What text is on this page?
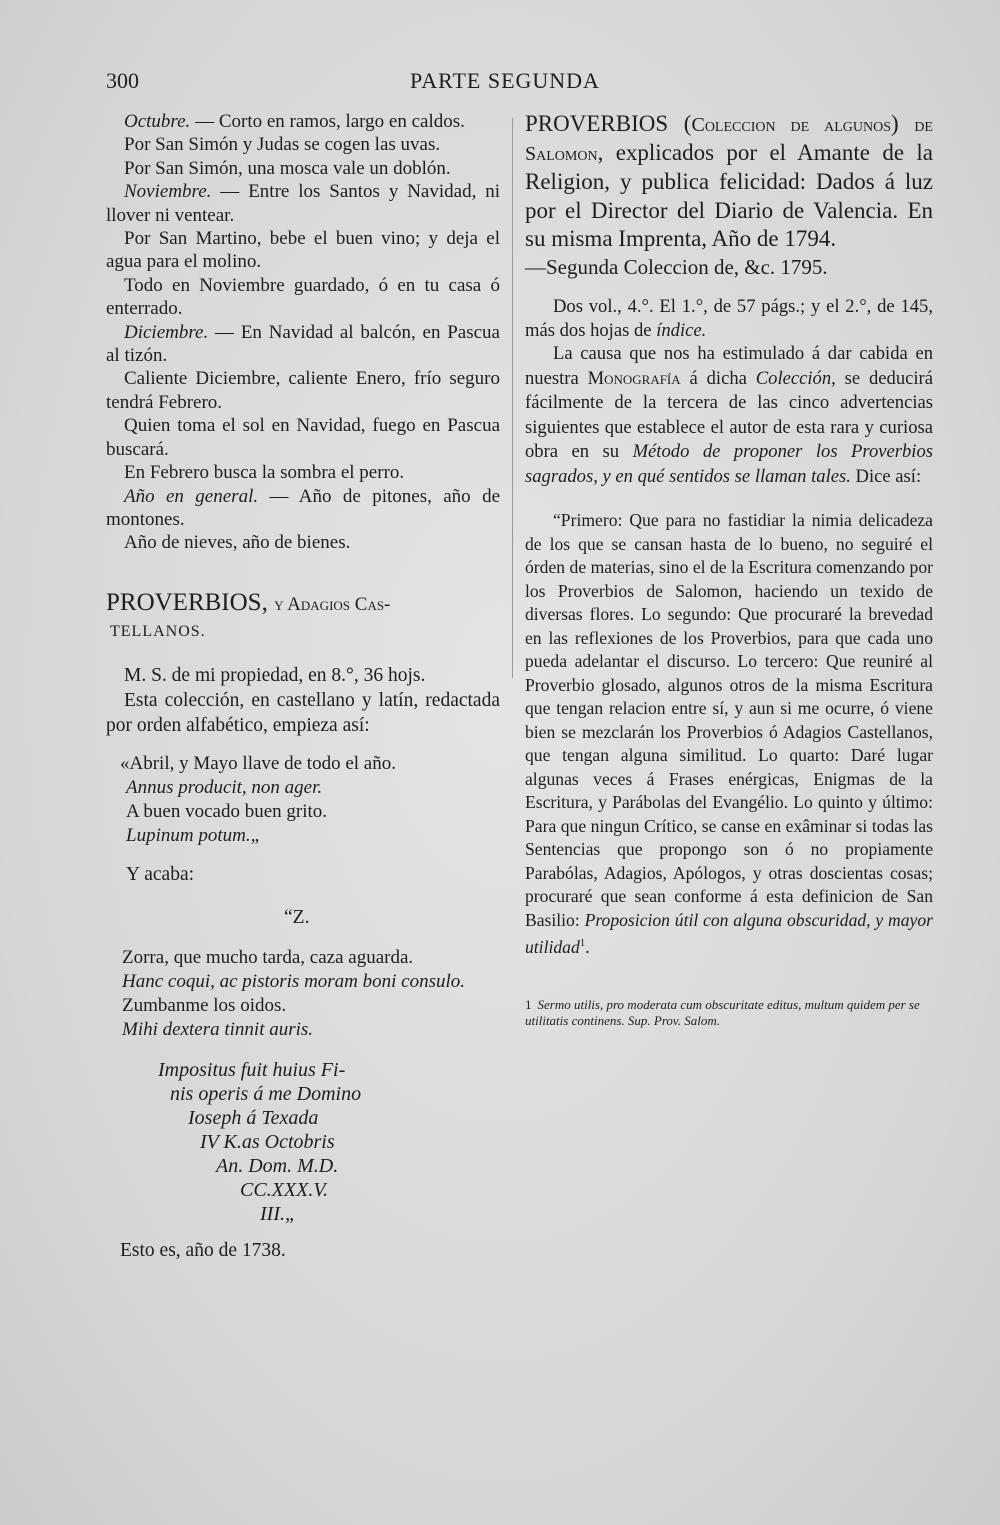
300	PARTE SEGUNDA

Octubre. — Corto en ramos, largo en caldos.

Por San Simón y Judas se cogen las uvas.

Por San Simón, una mosca vale un doblón.

Noviembre. — Entre los Santos y Navidad, ni llover ni ventear.

Por San Martino, bebe el buen vino; y deja el agua para el molino.

Todo en Noviembre guardado, ó en tu casa ó enterrado.

Diciembre. — En Navidad al balcón, en Pascua al tizón.

Caliente Diciembre, caliente Enero, frío seguro tendrá Febrero.

Quien toma el sol en Navidad, fuego en Pascua buscará.

En Febrero busca la sombra el perro.

Año en general. — Año de pitones, año de montones.

Año de nieves, año de bienes.

PROVERBIOS, y Adagios Cas-
TELLANOS.

M. S. de mi propiedad, en 8.°, 36 hojs.

Esta colección, en castellano y latín, redactada por orden alfabético, empieza así:

«Abril, y Mayo llave de todo el año.

Annus producit, non ager.

A buen vocado buen grito.

Lupinum potum.„

Y acaba:

“Z.

Zorra, que mucho tarda, caza aguarda.

Hanc coqui, ac pistoris moram boni consulo.

Zumbanme los oidos.

Mihi dextera tinnit auris.

Impositus fuit huius Fi-

nis operis á me Domino

Ioseph á Texada

IV K.as Octobris

An. Dom. M.D.

CC.XXX.V.

III.„

Esto es, año de 1738.

PROVERBIOS (Coleccion de algunos) de Salomon, explicados por el Amante de la Religion, y publica felicidad: Dados á luz por el Director del Diario de Valencia. En su misma Imprenta, Año de 1794.

—Segunda Coleccion de, &c. 1795.

Dos vol., 4.°. El 1.°, de 57 págs.; y el 2.°, de 145, más dos hojas de índice.

La causa que nos ha estimulado á dar cabida en nuestra Monografía á dicha Colección, se deducirá fácilmente de la tercera de las cinco advertencias siguientes que establece el autor de esta rara y curiosa obra en su Método de proponer los Proverbios sagrados, y en qué sentidos se llaman tales. Dice así:

“Primero: Que para no fastidiar la nimia delicadeza de los que se cansan hasta de lo bueno, no seguiré el órden de materias, sino el de la Escritura comenzando por los Proverbios de Salomon, haciendo un texido de diversas flores. Lo segundo: Que procuraré la brevedad en las reflexiones de los Proverbios, para que cada uno pueda adelantar el discurso. Lo tercero: Que reuniré al Proverbio glosado, algunos otros de la misma Escritura que tengan relacion entre sí, y aun si me ocurre, ó viene bien se mezclarán los Proverbios ó Adagios Castellanos, que tengan alguna similitud. Lo quarto: Daré lugar algunas veces á Frases enérgicas, Enigmas de la Escritura, y Parábolas del Evangélio. Lo quinto y último: Para que ningun Crítico, se canse en exâminar si todas las Sentencias que propongo son ó no propiamente Parabólas, Adagios, Apólogos, y otras doscientas cosas; procuraré que sean conforme á esta definicion de San Basilio: Proposicion útil con alguna obscuridad, y mayor utilidad$^1$.

1 Sermo utilis, pro moderata cum obscuritate editus, multum quidem per se utilitatis continens. Sup. Prov. Salom.
